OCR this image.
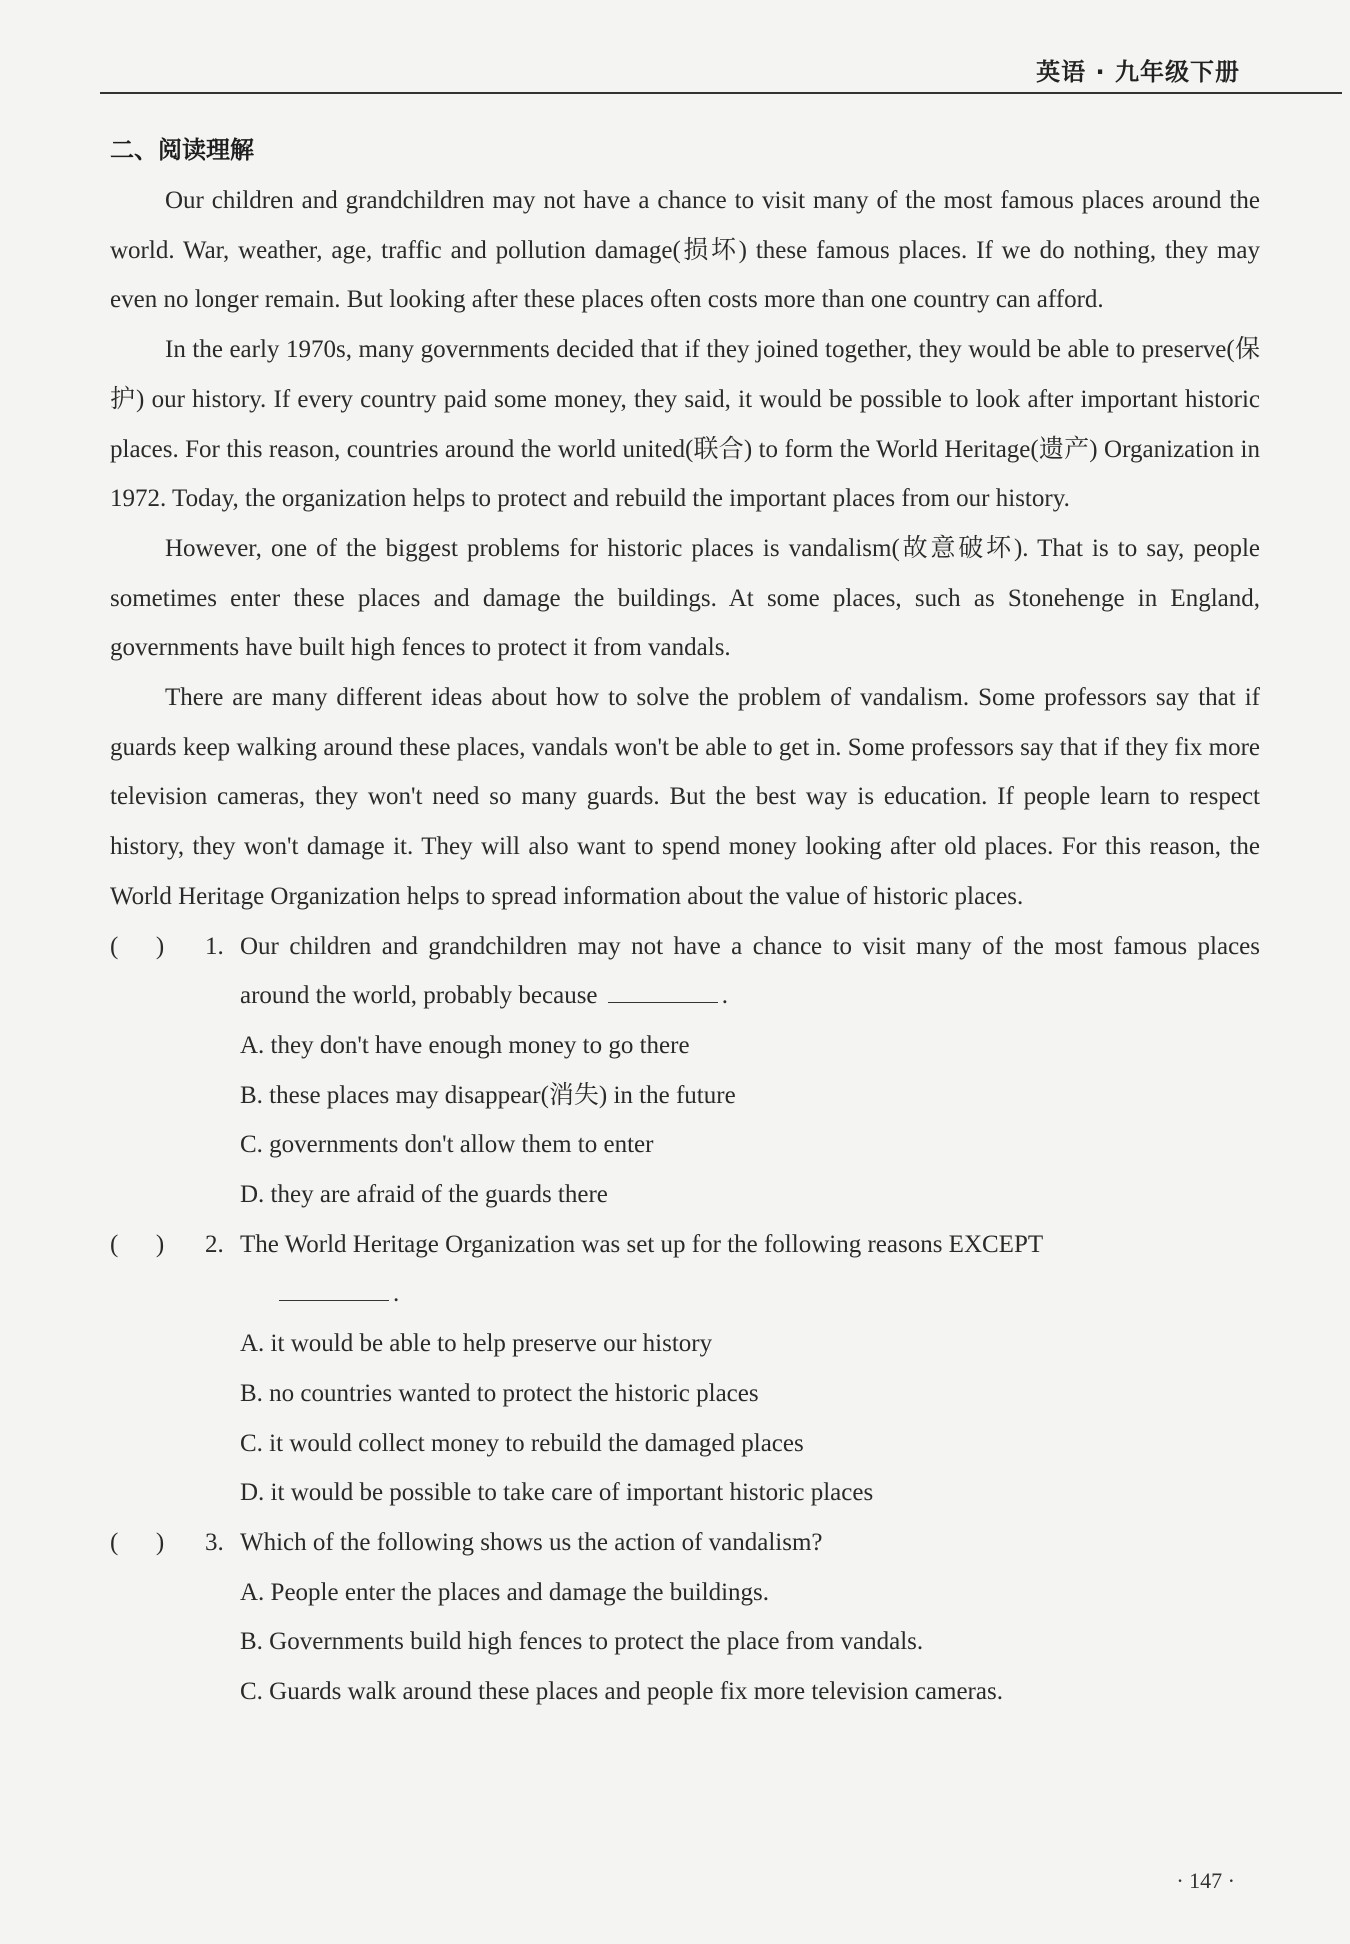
英语 · 九年级下册
二、阅读理解

Our children and grandchildren may not have a chance to visit many of the most famous places around the world. War, weather, age, traffic and pollution damage(损坏) these famous places. If we do nothing, they may even no longer remain. But looking after these places often costs more than one country can afford.

In the early 1970s, many governments decided that if they joined together, they would be able to preserve(保护) our history. If every country paid some money, they said, it would be possible to look after important historic places. For this reason, countries around the world united(联合) to form the World Heritage(遗产) Organization in 1972. Today, the organization helps to protect and rebuild the important places from our history.

However, one of the biggest problems for historic places is vandalism(故意破坏). That is to say, people sometimes enter these places and damage the buildings. At some places, such as Stonehenge in England, governments have built high fences to protect it from vandals.

There are many different ideas about how to solve the problem of vandalism. Some professors say that if guards keep walking around these places, vandals won't be able to get in. Some professors say that if they fix more television cameras, they won't need so many guards. But the best way is education. If people learn to respect history, they won't damage it. They will also want to spend money looking after old places. For this reason, the World Heritage Organization helps to spread information about the value of historic places.

(      )	1. Our children and grandchildren may not have a chance to visit many of the most famous places around the world, probably because	.
A. they don't have enough money to go there
B. these places may disappear(消失) in the future
C. governments don't allow them to enter
D. they are afraid of the guards there
(      )	2. The World Heritage Organization was set up for the following reasons EXCEPT
.
A. it would be able to help preserve our history
B. no countries wanted to protect the historic places
C. it would collect money to rebuild the damaged places
D. it would be possible to take care of important historic places
(      )	3. Which of the following shows us the action of vandalism?
A. People enter the places and damage the buildings.
B. Governments build high fences to protect the place from vandals.
C. Guards walk around these places and people fix more television cameras.
· 147 ·
